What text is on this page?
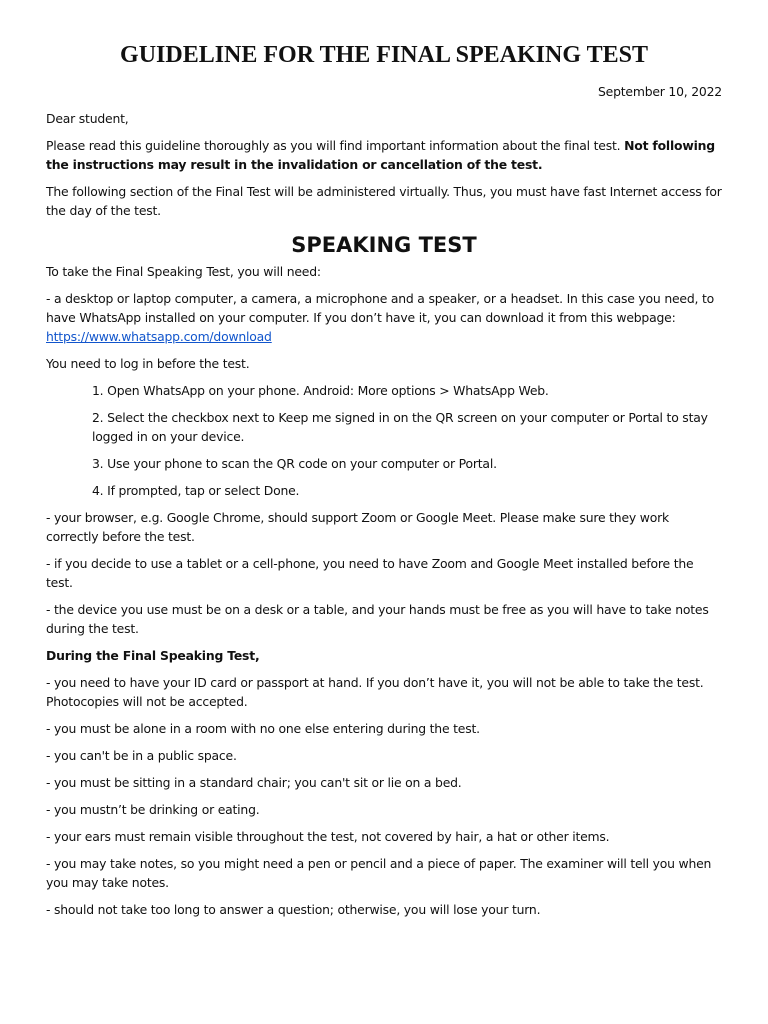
GUIDELINE FOR THE FINAL SPEAKING TEST

September 10, 2022

Dear student,

Please read this guideline thoroughly as you will find important information about the final test. Not following the instructions may result in the invalidation or cancellation of the test.

The following section of the Final Test will be administered virtually. Thus, you must have fast Internet access for the day of the test.

SPEAKING TEST

To take the Final Speaking Test, you will need:

- a desktop or laptop computer, a camera, a microphone and a speaker, or a headset. In this case you need, to have WhatsApp installed on your computer. If you don’t have it, you can download it from this webpage:
https://www.whatsapp.com/download

You need to log in before the test.

1. Open WhatsApp on your phone. Android: More options > WhatsApp Web.
2. Select the checkbox next to Keep me signed in on the QR screen on your computer or Portal to stay logged in on your device.
3. Use your phone to scan the QR code on your computer or Portal.
4. If prompted, tap or select Done.

- your browser, e.g. Google Chrome, should support Zoom or Google Meet. Please make sure they work correctly before the test.

- if you decide to use a tablet or a cell-phone, you need to have Zoom and Google Meet installed before the test.

- the device you use must be on a desk or a table, and your hands must be free as you will have to take notes during the test.

During the Final Speaking Test,

- you need to have your ID card or passport at hand. If you don’t have it, you will not be able to take the test. Photocopies will not be accepted.

- you must be alone in a room with no one else entering during the test.

- you can't be in a public space.

- you must be sitting in a standard chair; you can't sit or lie on a bed.

- you mustn’t be drinking or eating.

- your ears must remain visible throughout the test, not covered by hair, a hat or other items.

- you may take notes, so you might need a pen or pencil and a piece of paper. The examiner will tell you when you may take notes.

- should not take too long to answer a question; otherwise, you will lose your turn.
